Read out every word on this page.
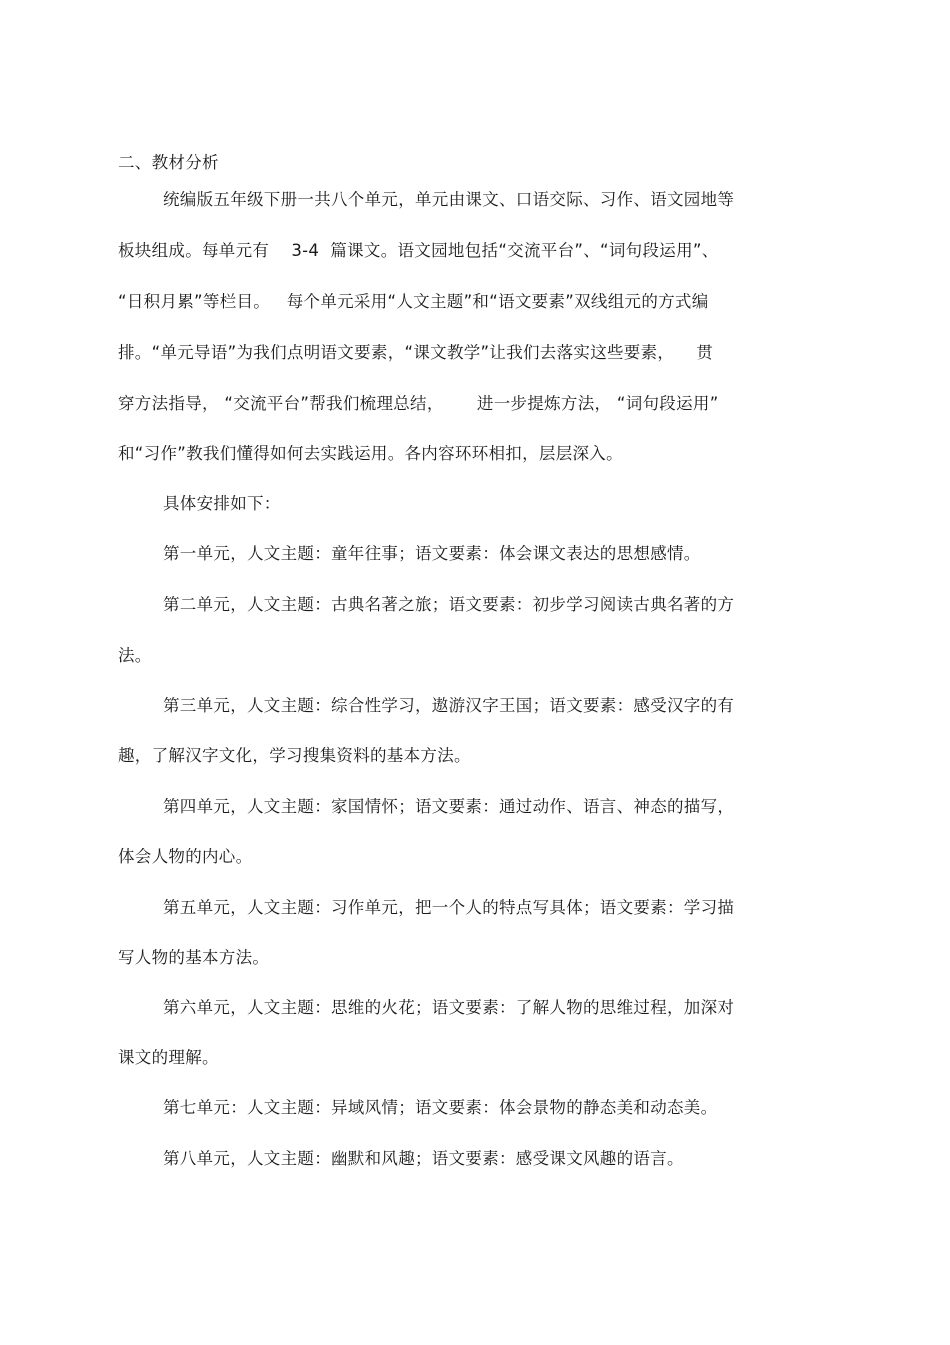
二、教材分析
统编版五年级下册一共八个单元，单元由课文、口语交际、习作、语文园地等
板块组成。每单元有    3-4  篇课文。语文园地包括“交流平台”、“词句段运用”、
“日积月累”等栏目。   每个单元采用“人文主题”和“语文要素”双线组元的方式编
排。“单元导语”为我们点明语文要素，“课文教学”让我们去落实这些要素，    贯
穿方法指导， “交流平台”帮我们梳理总结，      进一步提炼方法， “词句段运用”
和“习作”教我们懂得如何去实践运用。各内容环环相扣，层层深入。
具体安排如下：
第一单元，人文主题：童年往事；语文要素：体会课文表达的思想感情。
第二单元，人文主题：古典名著之旅；语文要素：初步学习阅读古典名著的方
法。
第三单元，人文主题：综合性学习，遨游汉字王国；语文要素：感受汉字的有
趣，了解汉字文化，学习搜集资料的基本方法。
第四单元，人文主题：家国情怀；语文要素：通过动作、语言、神态的描写，
体会人物的内心。
第五单元，人文主题：习作单元，把一个人的特点写具体；语文要素：学习描
写人物的基本方法。
第六单元，人文主题：思维的火花；语文要素：了解人物的思维过程，加深对
课文的理解。
第七单元：人文主题：异域风情；语文要素：体会景物的静态美和动态美。
第八单元，人文主题：幽默和风趣；语文要素：感受课文风趣的语言。
